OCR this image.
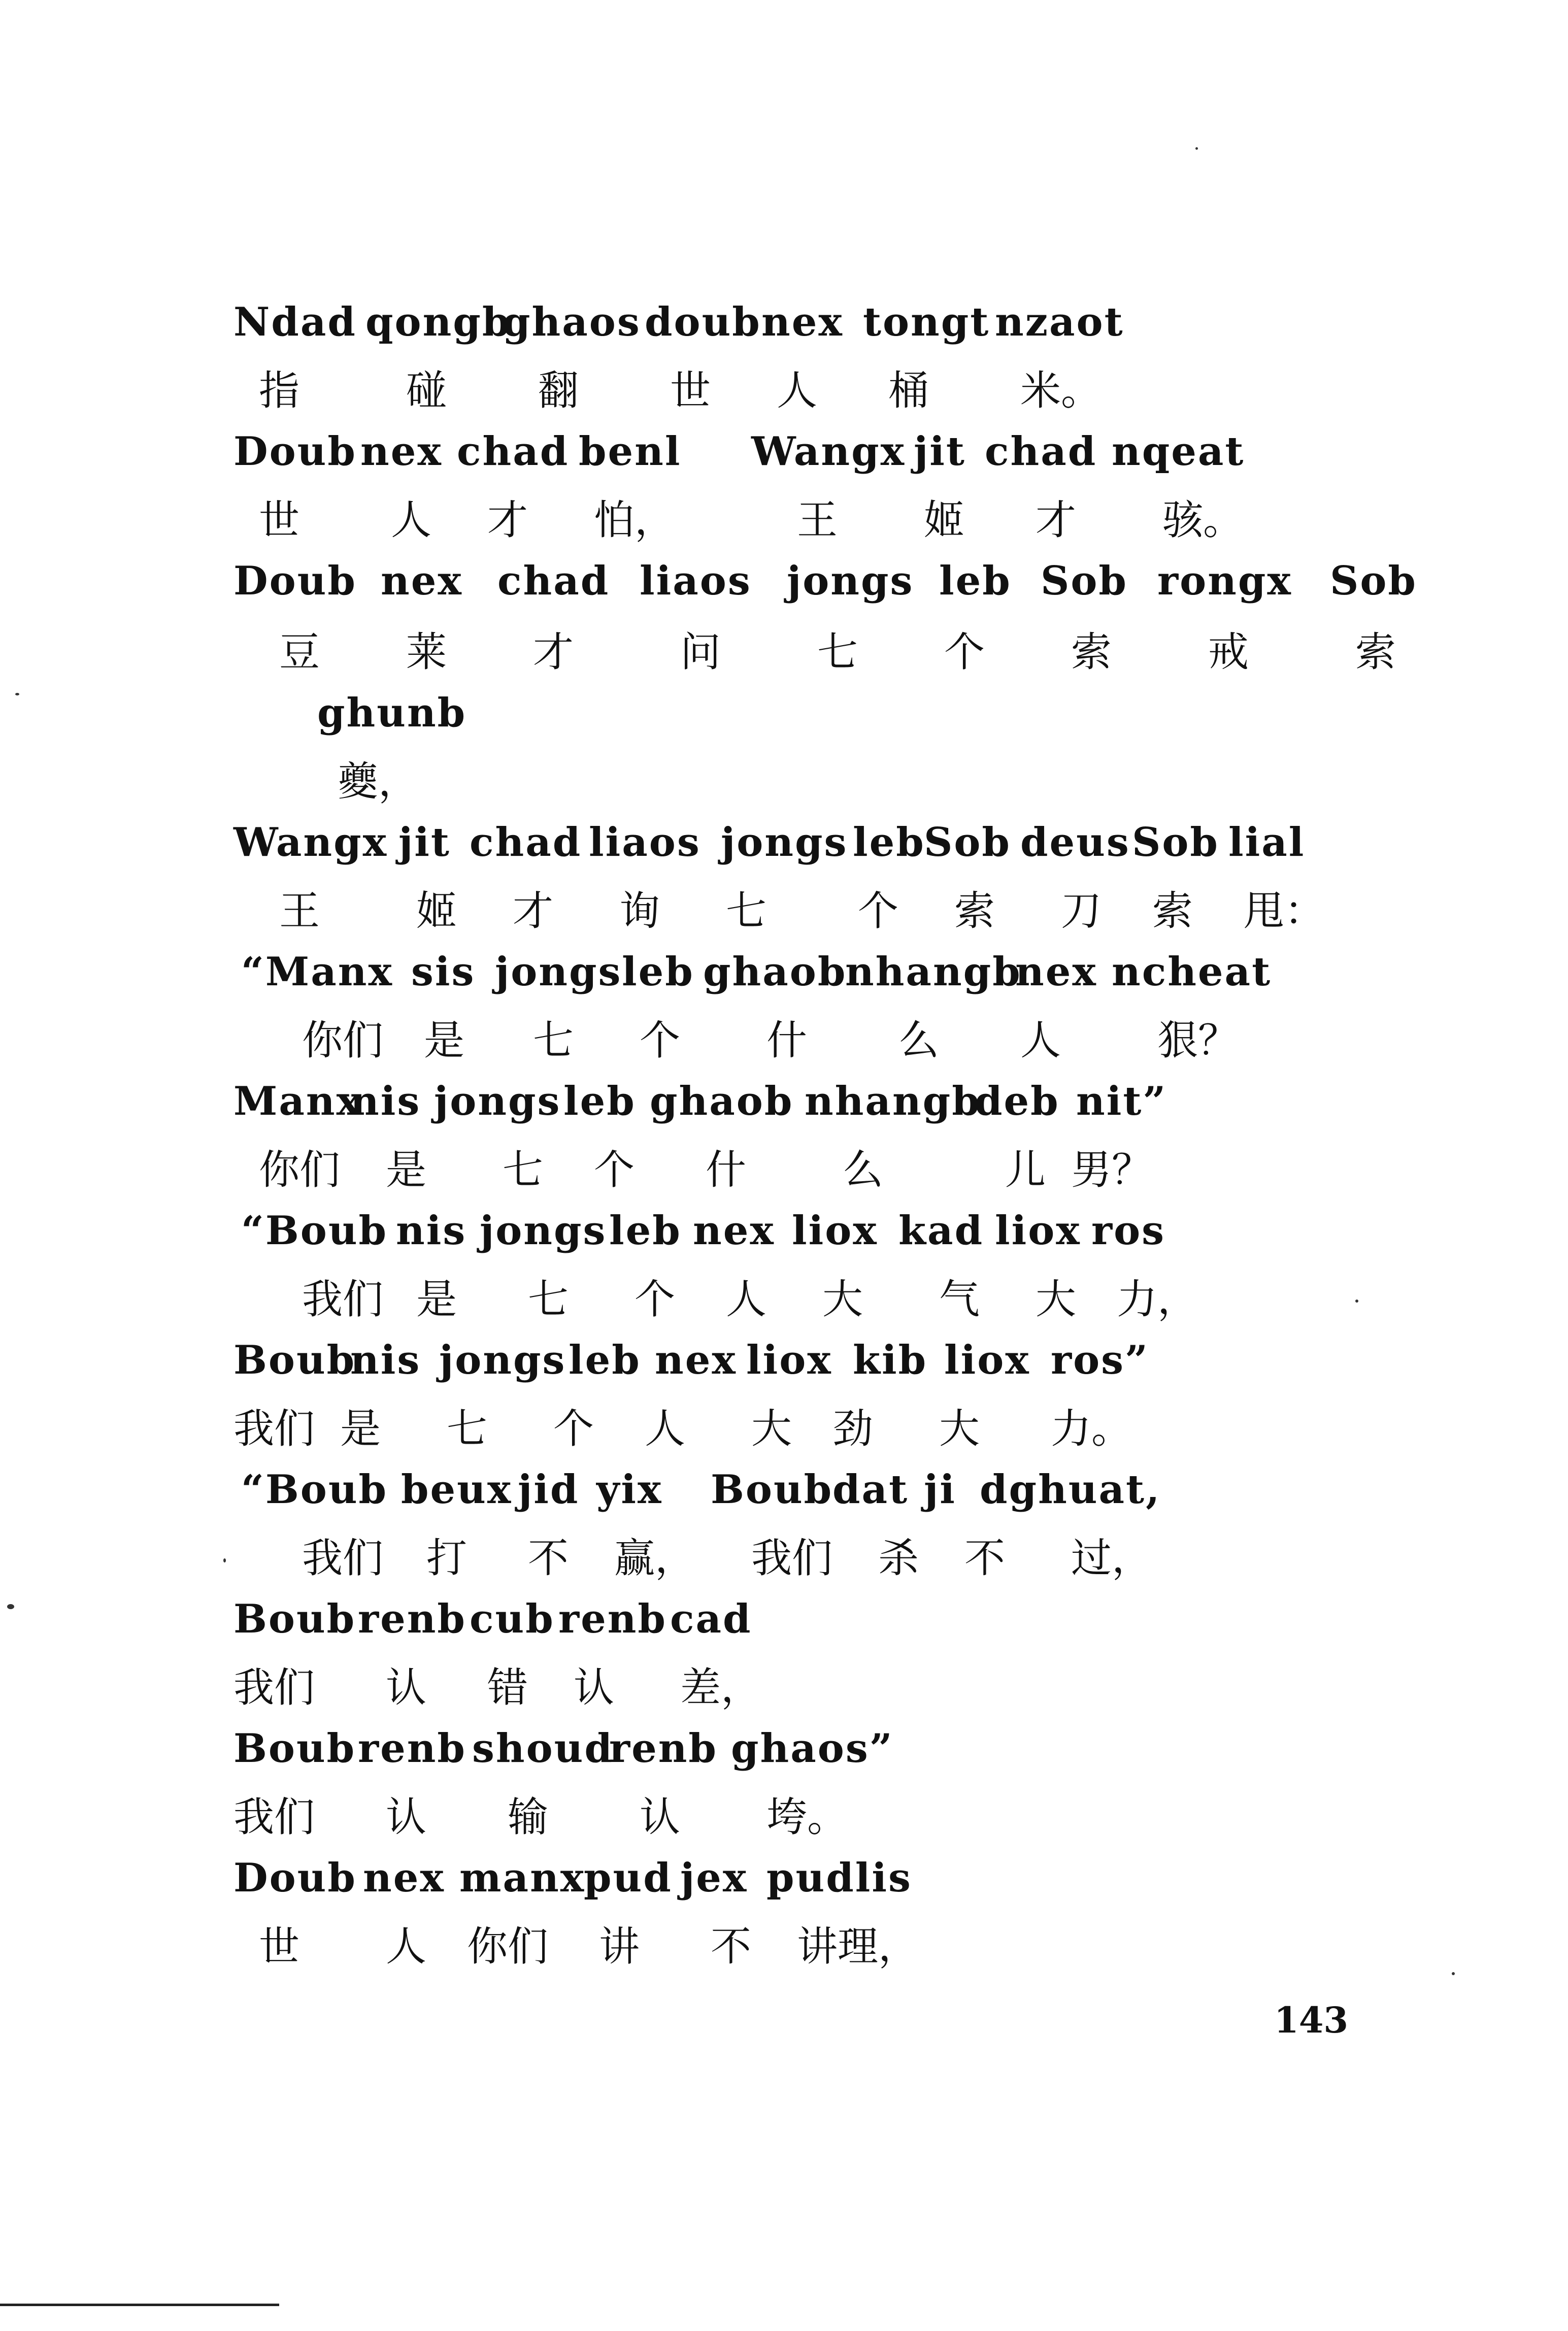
Ndad qongb
ghaos doub nex tongt nzaot
指	碰 翻 世 人 桶 米。
Doub nex chad benl Wangx jit chad nqeat
世 人 才 怕，	王 姬 才 骇。
Doub nex chad liaos jongs leb Sob rongx Sob
豆 莱 才	问 七 个 索 戒	索
ghunb
夔，
Wangx jit chad liaos jongs leb
Sob deus Sob lial
王 姬 才 询 七 个 索 刀 索 甩：
“Manx sis jongs leb ghaob
nhangb
nex ncheat
你们 是 七 个 什 么 人 狠？
Manx
nis jongs leb ghaob nhangb
deb nit”
你们 是 七 个 什 么	儿 男？
“Boub nis jongs leb nex liox kad liox ros
我们 是 七 个 人 大 气 大 力，
Boub
nis jongs leb nex liox kib liox ros”
我们 是 七 个 人 大 劲 大 力。
“Boub beux jid yix Boub
dat ji dghuat,
我们 打 不 赢， 我们 杀 不 过，
Boub renb cub renb cad
我们 认 错 认 差，
Boub renb shoud
renb ghaos”
我们 认 输 认 垮。
Doub nex manx
pud jex pudlis
世 人 你们 讲 不 讲理，
143
